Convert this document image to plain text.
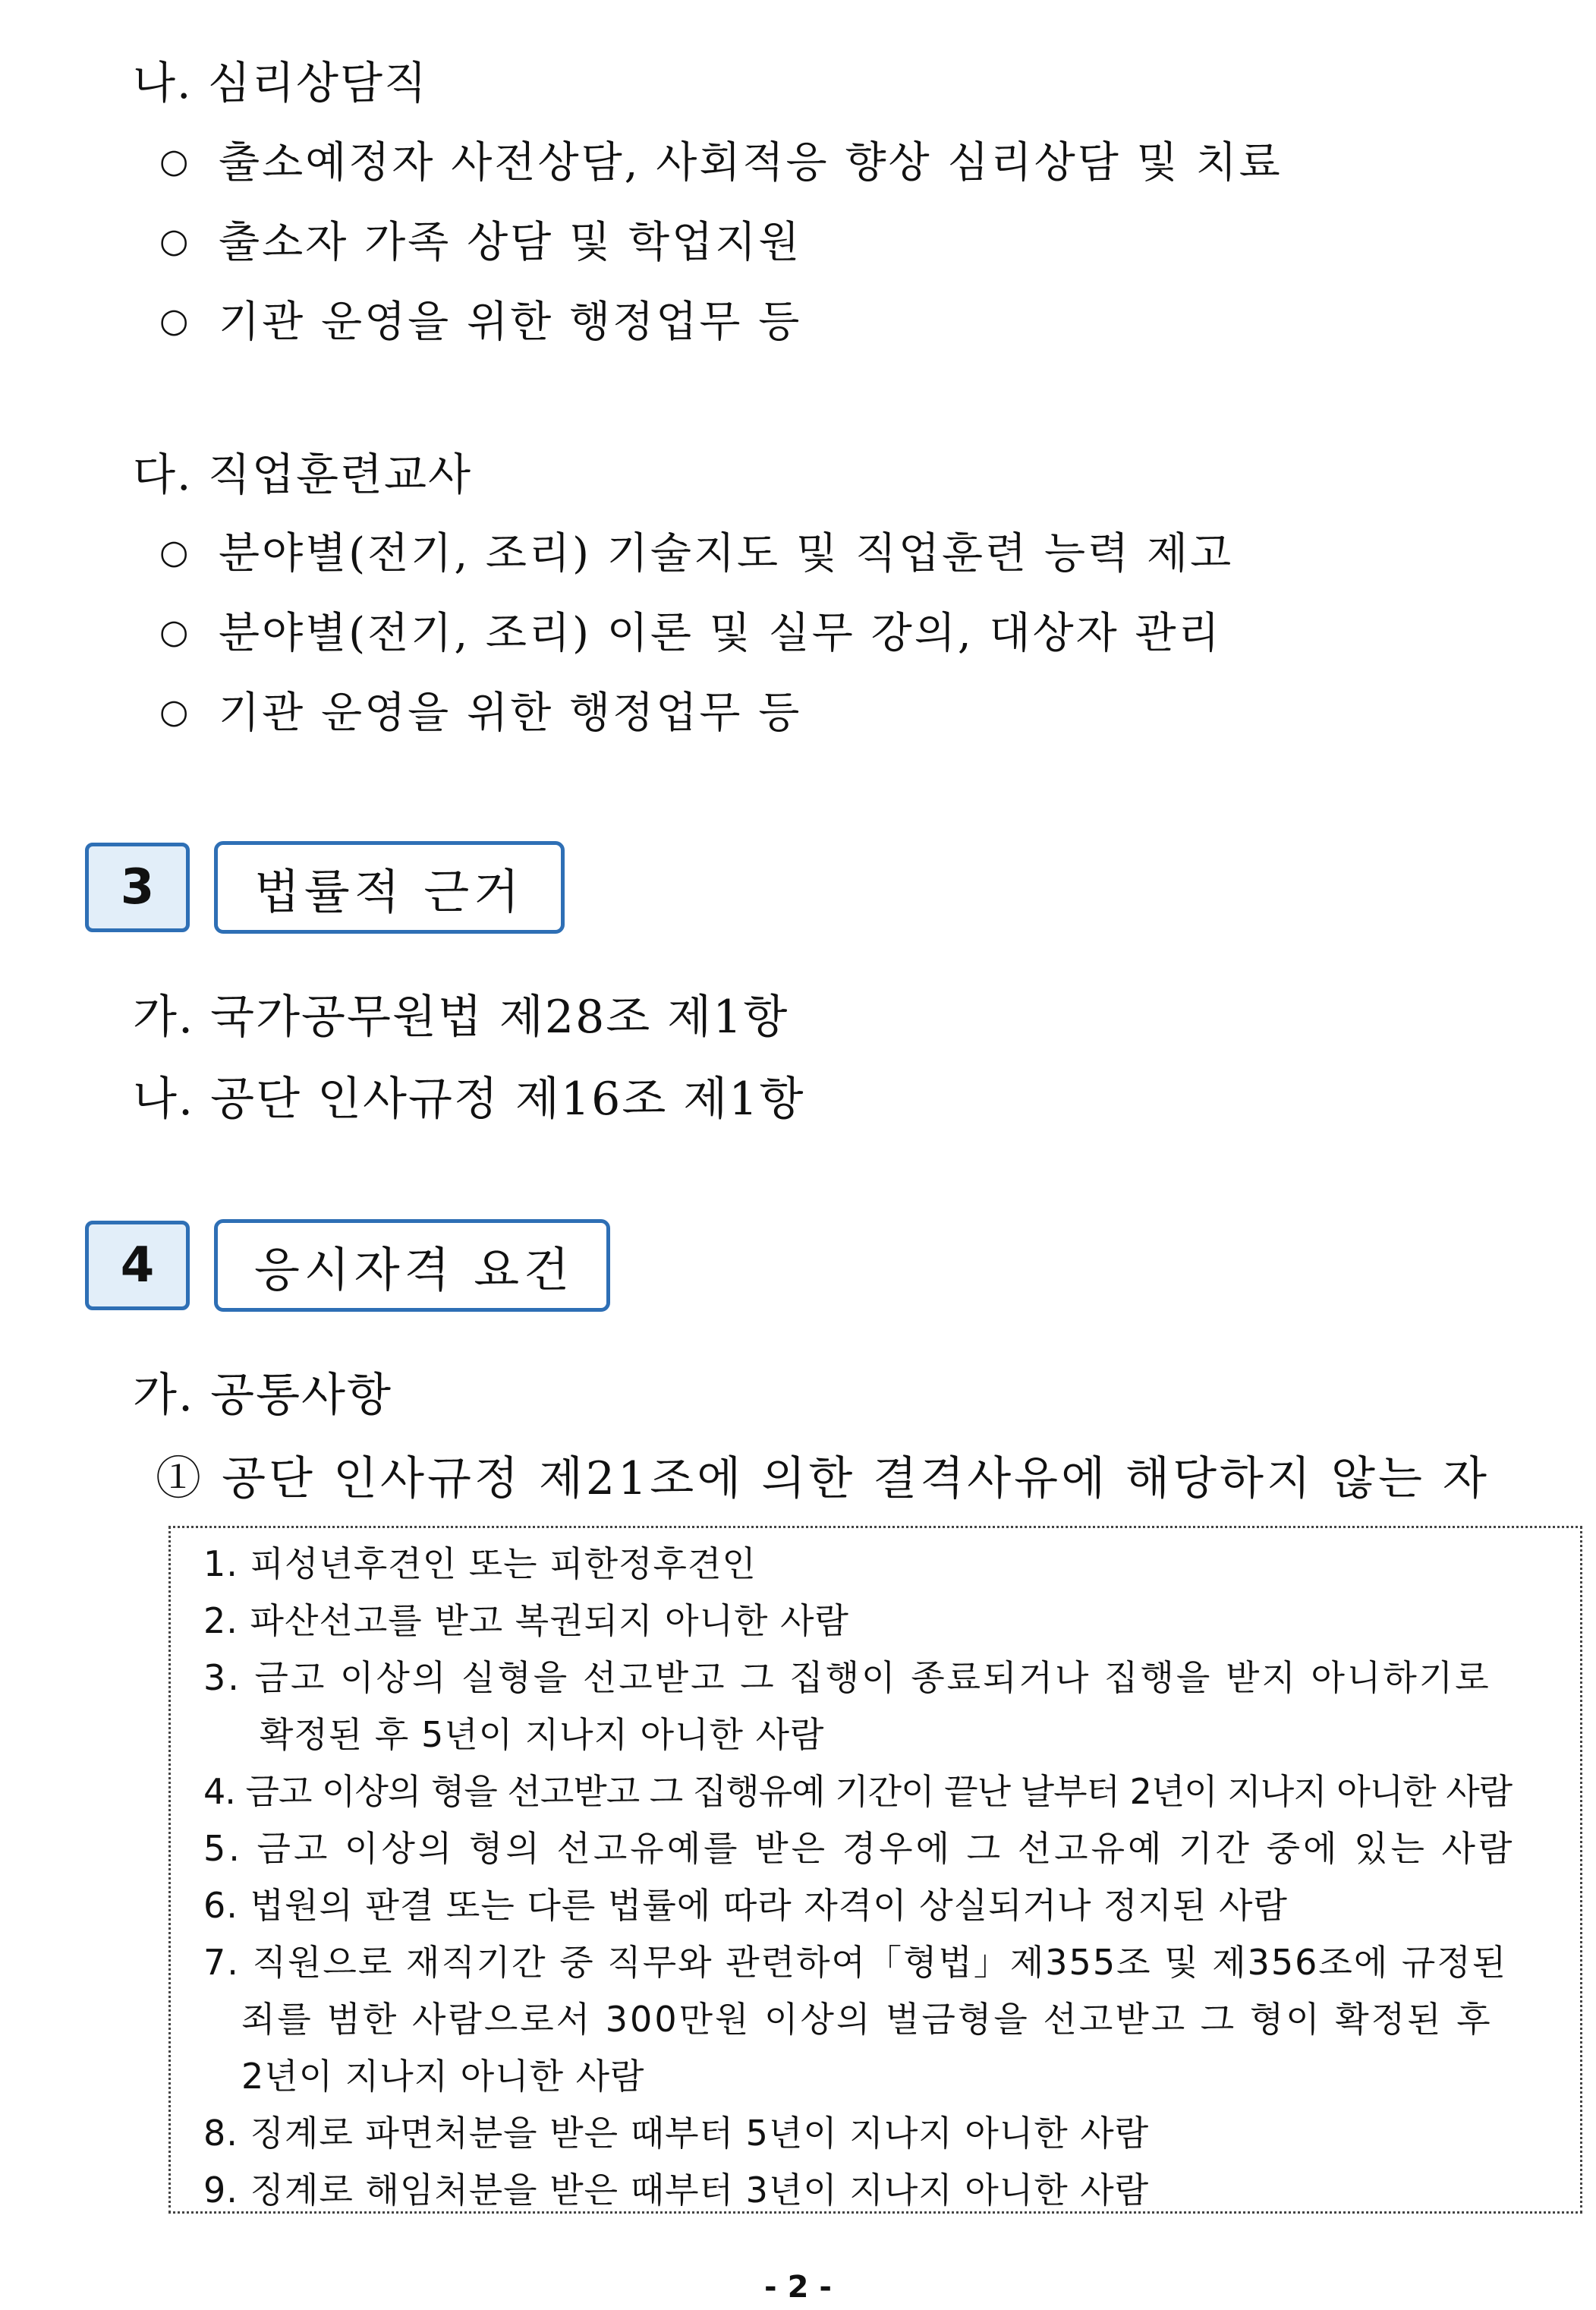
나. 심리상담직
○ 출소예정자 사전상담, 사회적응 향상 심리상담 및 치료
○ 출소자 가족 상담 및 학업지원
○ 기관 운영을 위한 행정업무 등
다. 직업훈련교사
○ 분야별(전기, 조리) 기술지도 및 직업훈련 능력 제고
○ 분야별(전기, 조리) 이론 및 실무 강의, 대상자 관리
○ 기관 운영을 위한 행정업무 등
3	법률적 근거
가. 국가공무원법 제28조 제1항
나. 공단 인사규정 제16조 제1항
4	응시자격 요건
가. 공통사항
① 공단 인사규정 제21조에 의한 결격사유에 해당하지 않는 자
1. 피성년후견인 또는 피한정후견인
2. 파산선고를 받고 복권되지 아니한 사람
3. 금고 이상의 실형을 선고받고 그 집행이 종료되거나 집행을 받지 아니하기로
확정된 후 5년이 지나지 아니한 사람
4. 금고 이상의 형을 선고받고 그 집행유예 기간이 끝난 날부터 2년이 지나지 아니한 사람
5. 금고 이상의 형의 선고유예를 받은 경우에 그 선고유예 기간 중에 있는 사람
6. 법원의 판결 또는 다른 법률에 따라 자격이 상실되거나 정지된 사람
7. 직원으로 재직기간 중 직무와 관련하여「형법」제355조 및 제356조에 규정된
죄를 범한 사람으로서 300만원 이상의 벌금형을 선고받고 그 형이 확정된 후
2년이 지나지 아니한 사람
8. 징계로 파면처분을 받은 때부터 5년이 지나지 아니한 사람
9. 징계로 해임처분을 받은 때부터 3년이 지나지 아니한 사람
- 2 -
